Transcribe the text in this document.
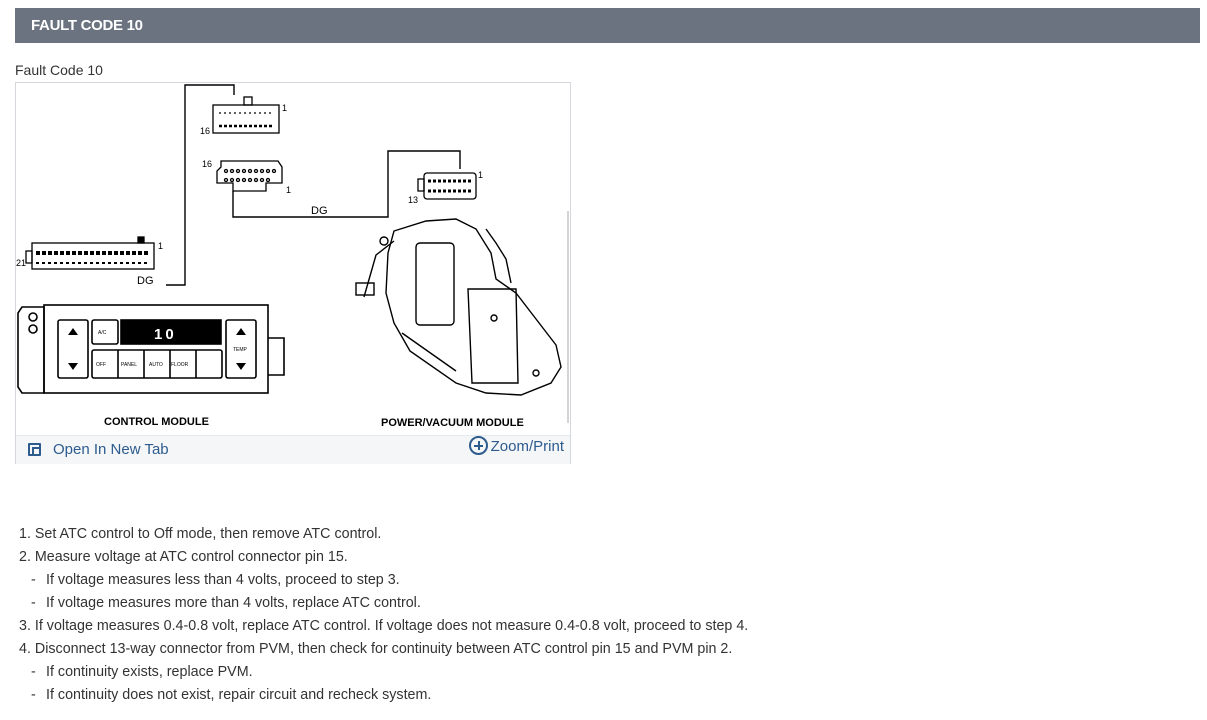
FAULT CODE 10
Fault Code 10
1
16
16
1
DG
1
13
21
1
DG
10
A/C
OFF	PANEL AUTO FLOOR
TEMP
CONTROL MODULE	POWER/VACUUM MODULE
Open In New Tab	Zoom/Print
1. Set ATC control to Off mode, then remove ATC control.
2. Measure voltage at ATC control connector pin 15.
- If voltage measures less than 4 volts, proceed to step 3.
- If voltage measures more than 4 volts, replace ATC control.
3. If voltage measures 0.4-0.8 volt, replace ATC control. If voltage does not measure 0.4-0.8 volt, proceed to step 4.
4. Disconnect 13-way connector from PVM, then check for continuity between ATC control pin 15 and PVM pin 2.
- If continuity exists, replace PVM.
- If continuity does not exist, repair circuit and recheck system.
